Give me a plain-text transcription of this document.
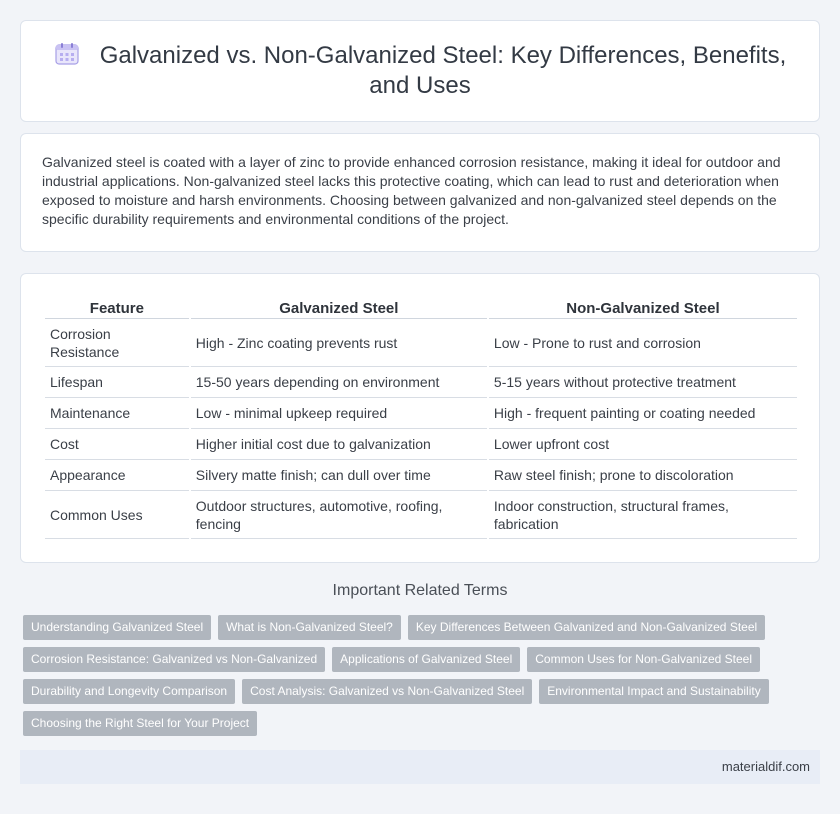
Galvanized vs. Non-Galvanized Steel: Key Differences, Benefits, and Uses

Galvanized steel is coated with a layer of zinc to provide enhanced corrosion resistance, making it ideal for outdoor and industrial applications. Non-galvanized steel lacks this protective coating, which can lead to rust and deterioration when exposed to moisture and harsh environments. Choosing between galvanized and non-galvanized steel depends on the specific durability requirements and environmental conditions of the project.

Feature	Galvanized Steel	Non-Galvanized Steel
Corrosion Resistance	High - Zinc coating prevents rust	Low - Prone to rust and corrosion
Lifespan	15-50 years depending on environment	5-15 years without protective treatment
Maintenance	Low - minimal upkeep required	High - frequent painting or coating needed
Cost	Higher initial cost due to galvanization	Lower upfront cost
Appearance	Silvery matte finish; can dull over time	Raw steel finish; prone to discoloration
Common Uses	Outdoor structures, automotive, roofing, fencing	Indoor construction, structural frames, fabrication
Important Related Terms
Understanding Galvanized Steel	What is Non-Galvanized Steel?	Key Differences Between Galvanized and Non-Galvanized Steel
Corrosion Resistance: Galvanized vs Non-Galvanized	Applications of Galvanized Steel	Common Uses for Non-Galvanized Steel
Durability and Longevity Comparison	Cost Analysis: Galvanized vs Non-Galvanized Steel	Environmental Impact and Sustainability
Choosing the Right Steel for Your Project
materialdif.com
